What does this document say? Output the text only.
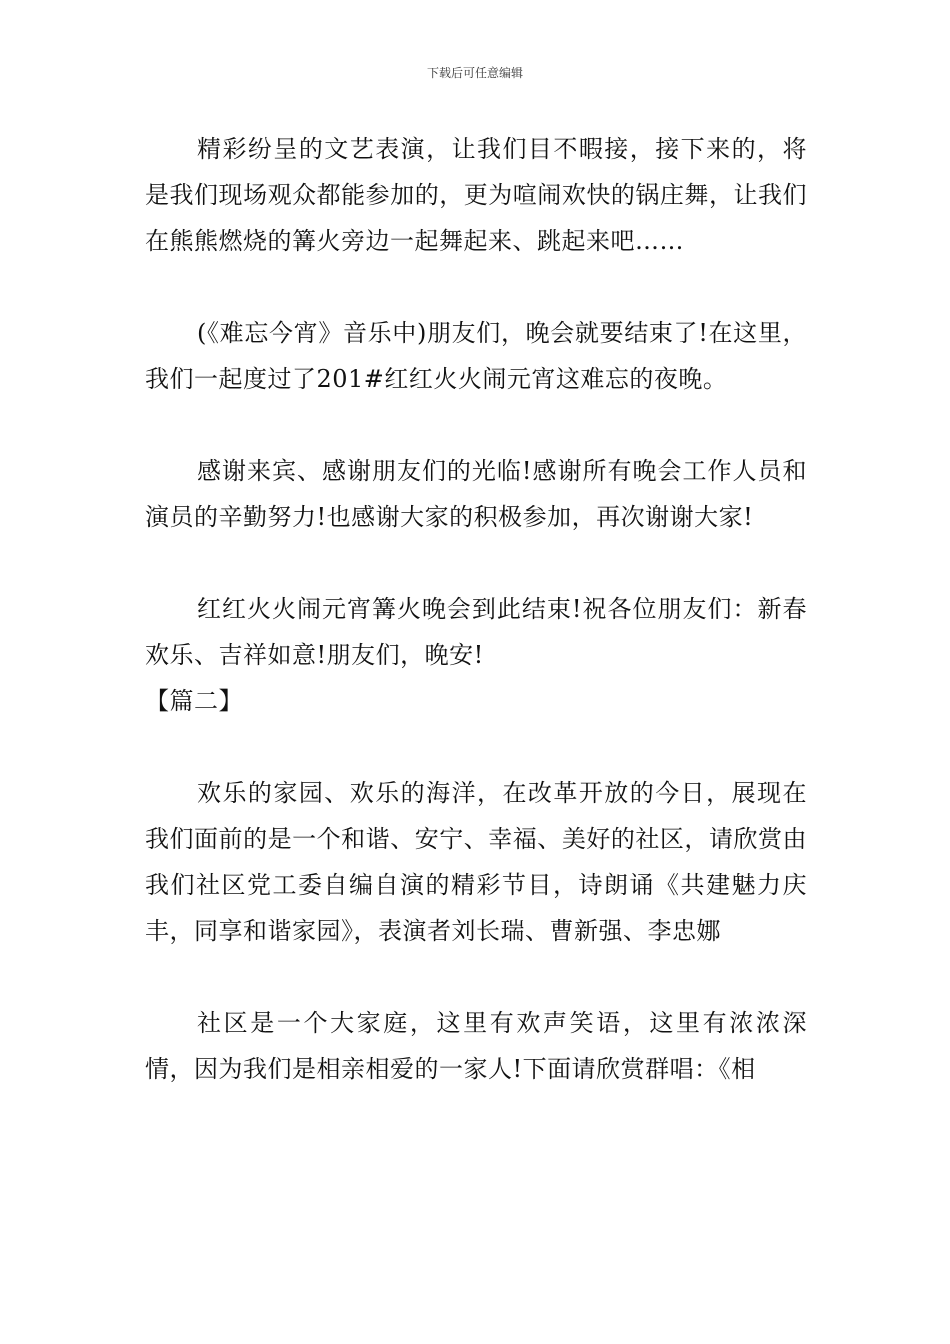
下载后可任意编辑

精彩纷呈的文艺表演，让我们目不暇接，接下来的，将是我们现场观众都能参加的，更为喧闹欢快的锅庄舞，让我们在熊熊燃烧的篝火旁边一起舞起来、跳起来吧……

(《难忘今宵》音乐中)朋友们，晚会就要结束了!在这里，我们一起度过了201#红红火火闹元宵这难忘的夜晚。

感谢来宾、感谢朋友们的光临!感谢所有晚会工作人员和演员的辛勤努力!也感谢大家的积极参加，再次谢谢大家!

红红火火闹元宵篝火晚会到此结束!祝各位朋友们：新春欢乐、吉祥如意!朋友们，晚安!

【篇二】

欢乐的家园、欢乐的海洋，在改革开放的今日，展现在我们面前的是一个和谐、安宁、幸福、美好的社区，请欣赏由我们社区党工委自编自演的精彩节目，诗朗诵《共建魅力庆丰，同享和谐家园》，表演者刘长瑞、曹新强、李忠娜

社区是一个大家庭，这里有欢声笑语，这里有浓浓深情，因为我们是相亲相爱的一家人!下面请欣赏群唱：《相
